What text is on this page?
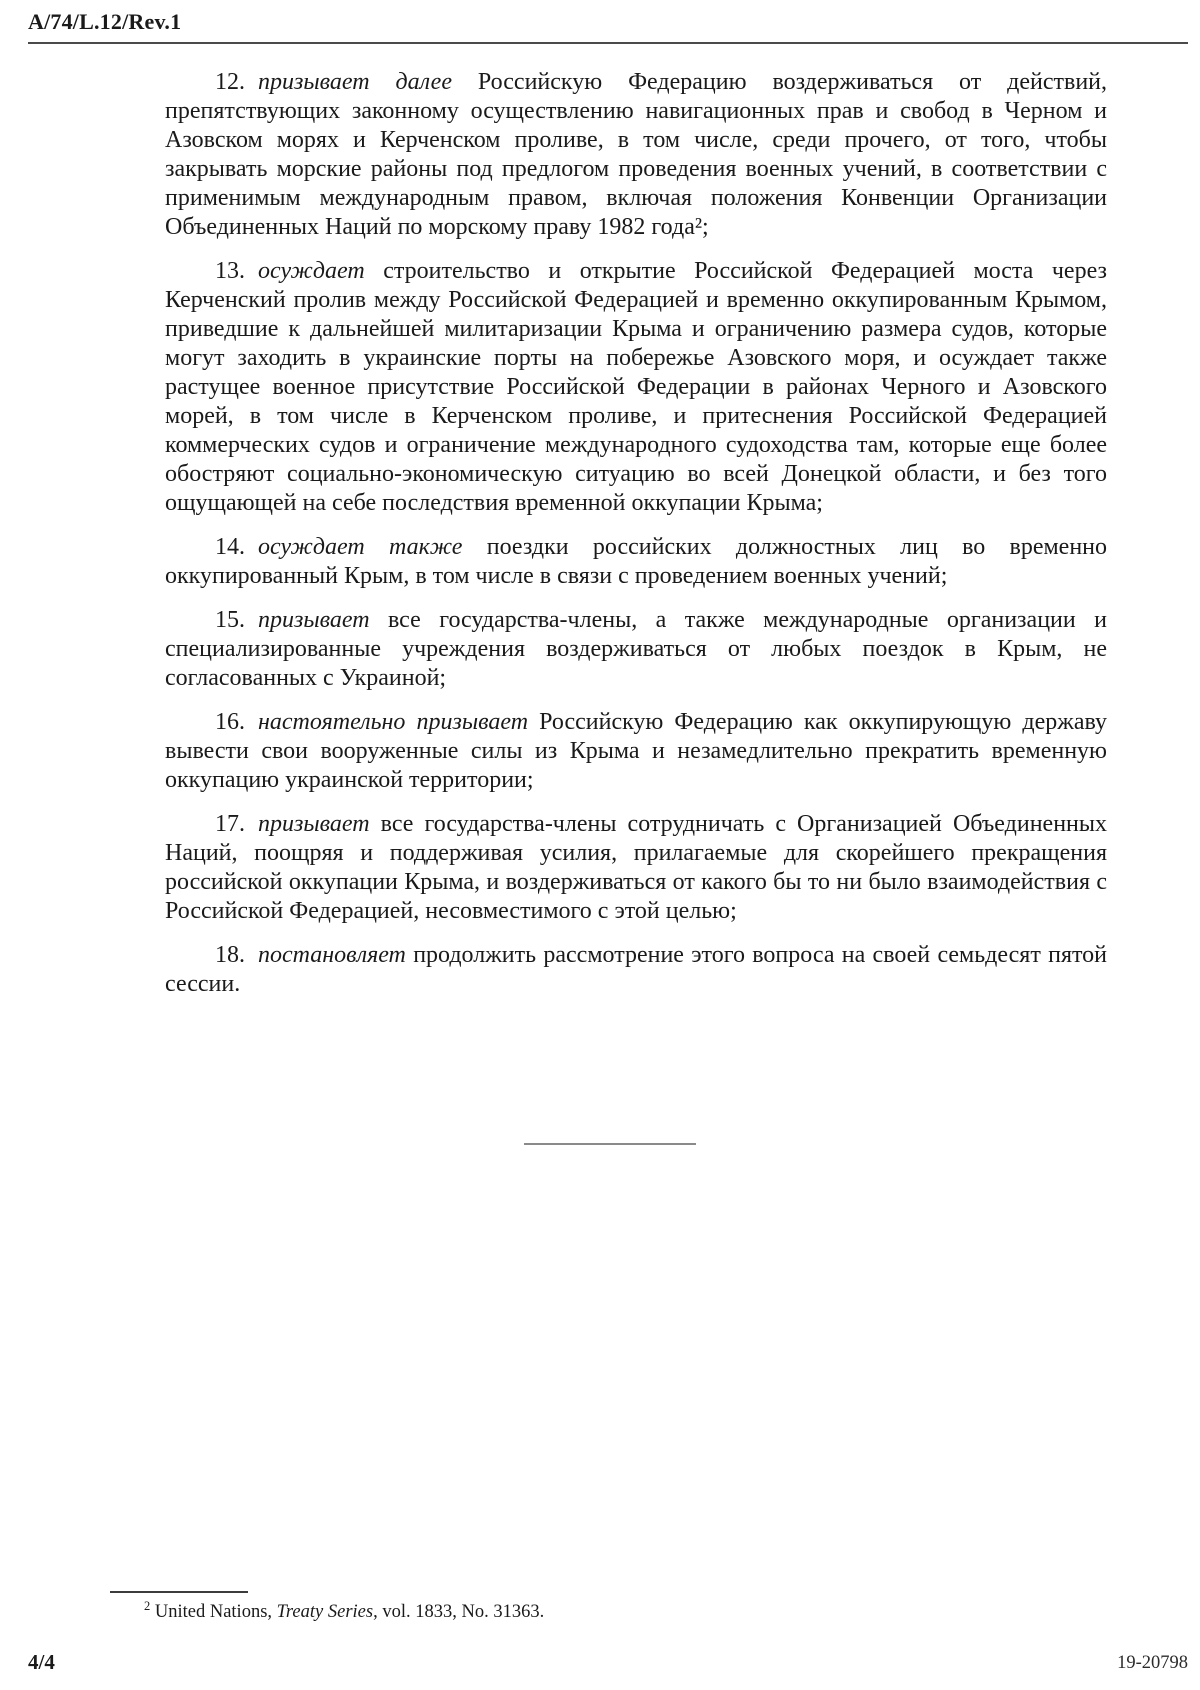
A/74/L.12/Rev.1

12. призывает далее Российскую Федерацию воздерживаться от действий, препятствующих законному осуществлению навигационных прав и свобод в Черном и Азовском морях и Керченском проливе, в том числе, среди прочего, от того, чтобы закрывать морские районы под предлогом проведения военных учений, в соответствии с применимым международным правом, включая положения Конвенции Организации Объединенных Наций по морскому праву 1982 года²;

13. осуждает строительство и открытие Российской Федерацией моста через Керченский пролив между Российской Федерацией и временно оккупированным Крымом, приведшие к дальнейшей милитаризации Крыма и ограничению размера судов, которые могут заходить в украинские порты на побережье Азовского моря, и осуждает также растущее военное присутствие Российской Федерации в районах Черного и Азовского морей, в том числе в Керченском проливе, и притеснения Российской Федерацией коммерческих судов и ограничение международного судоходства там, которые еще более обостряют социально-экономическую ситуацию во всей Донецкой области, и без того ощущающей на себе последствия временной оккупации Крыма;

14. осуждает также поездки российских должностных лиц во временно оккупированный Крым, в том числе в связи с проведением военных учений;

15. призывает все государства-члены, а также международные организации и специализированные учреждения воздерживаться от любых поездок в Крым, не согласованных с Украиной;

16. настоятельно призывает Российскую Федерацию как оккупирующую державу вывести свои вооруженные силы из Крыма и незамедлительно прекратить временную оккупацию украинской территории;

17. призывает все государства-члены сотрудничать с Организацией Объединенных Наций, поощряя и поддерживая усилия, прилагаемые для скорейшего прекращения российской оккупации Крыма, и воздерживаться от какого бы то ни было взаимодействия с Российской Федерацией, несовместимого с этой целью;

18. постановляет продолжить рассмотрение этого вопроса на своей семьдесят пятой сессии.

$^2$ United Nations, Treaty Series, vol. 1833, No. 31363.
4/4	19-20798
